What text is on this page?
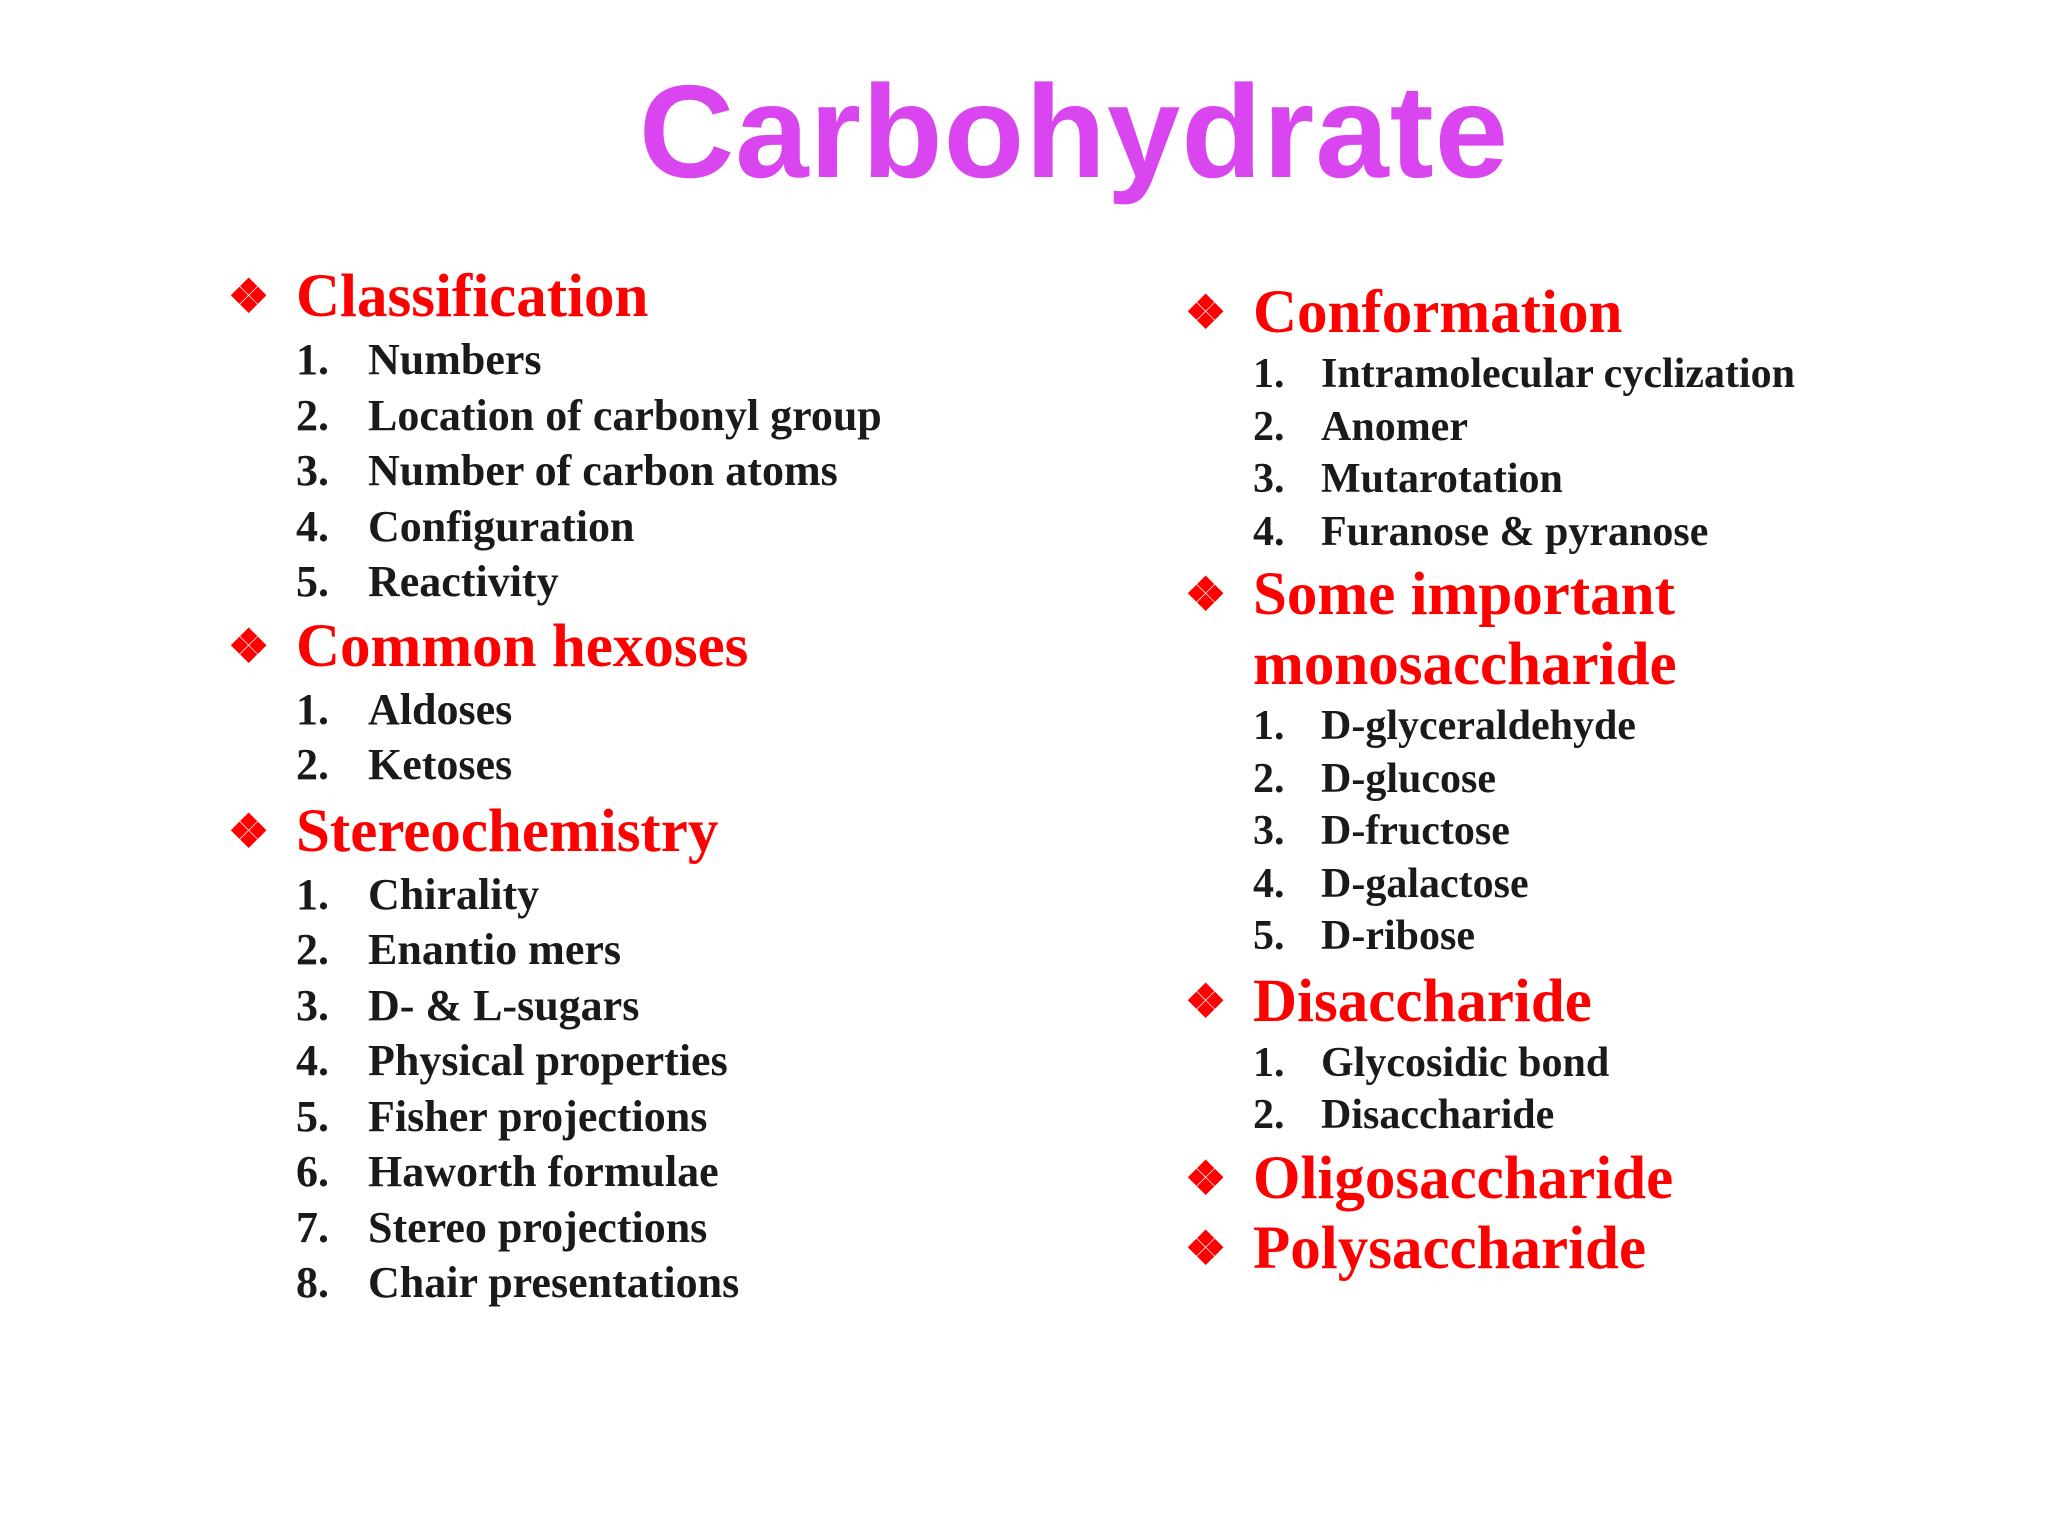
Carbohydrate
❖ Classification
1. Numbers
2. Location of carbonyl group
3. Number of carbon atoms
4. Configuration
5. Reactivity
❖ Common hexoses
1. Aldoses
2. Ketoses
❖ Stereochemistry
1. Chirality
2. Enantio mers
3. D- & L-sugars
4. Physical properties
5. Fisher projections
6. Haworth formulae
7. Stereo projections
8. Chair presentations
❖ Conformation
1. Intramolecular cyclization
2. Anomer
3. Mutarotation
4. Furanose & pyranose
❖ Some important
monosaccharide
1. D-glyceraldehyde
2. D-glucose
3. D-fructose
4. D-galactose
5. D-ribose
❖ Disaccharide
1. Glycosidic bond
2. Disaccharide
❖ Oligosaccharide
❖ Polysaccharide
